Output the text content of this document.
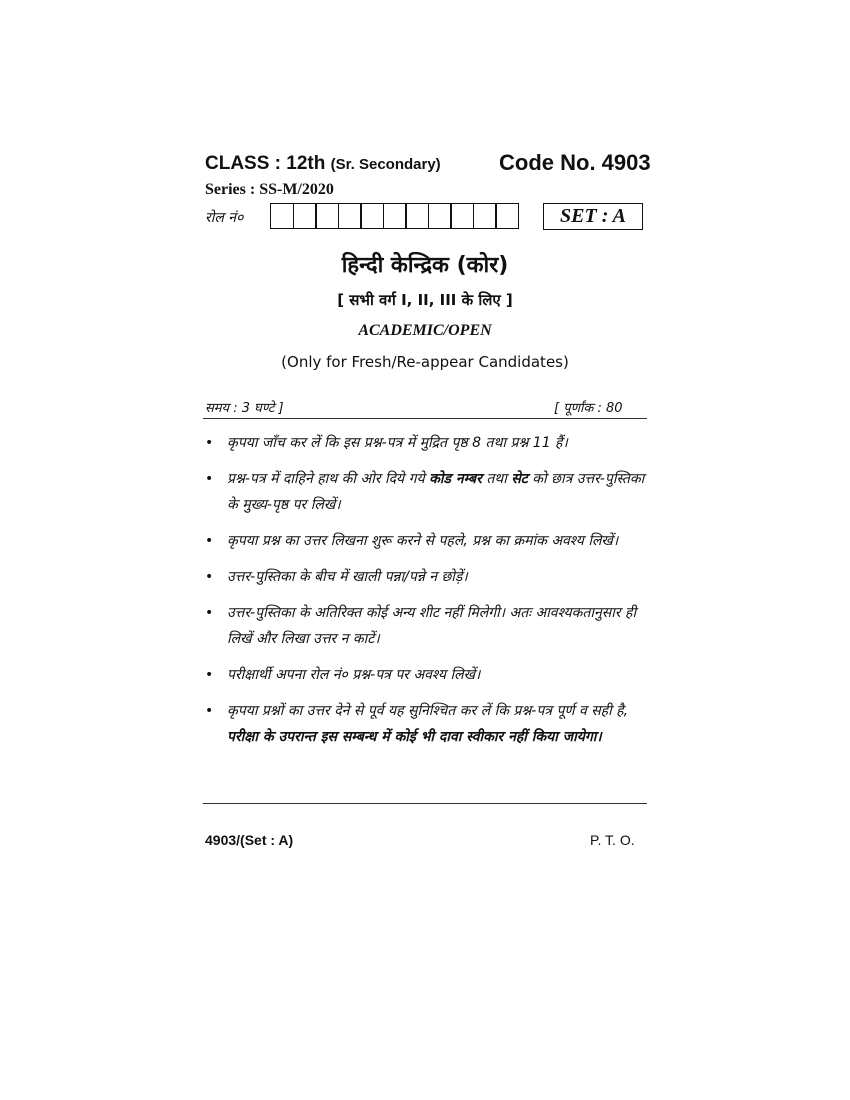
CLASS : 12th (Sr. Secondary)	Code No. 4903
Series : SS-M/2020
रोल नं०	SET : A
हिन्दी केन्द्रिक (कोर)
[ सभी वर्ग I, II, III के लिए ]
ACADEMIC/OPEN
(Only for Fresh/Re-appear Candidates)
समय : 3 घण्टे ]	[ पूर्णांक : 80
• कृपया जाँच कर लें कि इस प्रश्न-पत्र में मुद्रित पृष्ठ 8 तथा प्रश्न 11 हैं।
• प्रश्न-पत्र में दाहिने हाथ की ओर दिये गये कोड नम्बर तथा सेट को छात्र उत्तर-पुस्तिका के मुख्य-पृष्ठ पर लिखें।
• कृपया प्रश्न का उत्तर लिखना शुरू करने से पहले, प्रश्न का क्रमांक अवश्य लिखें।
• उत्तर-पुस्तिका के बीच में खाली पन्ना/पन्ने न छोड़ें।
• उत्तर-पुस्तिका के अतिरिक्त कोई अन्य शीट नहीं मिलेगी। अतः आवश्यकतानुसार ही लिखें और लिखा उत्तर न काटें।
• परीक्षार्थी अपना रोल नं० प्रश्न-पत्र पर अवश्य लिखें।
• कृपया प्रश्नों का उत्तर देने से पूर्व यह सुनिश्चित कर लें कि प्रश्न-पत्र पूर्ण व सही है, परीक्षा के उपरान्त इस सम्बन्ध में कोई भी दावा स्वीकार नहीं किया जायेगा।
4903/(Set : A)	P. T. O.
